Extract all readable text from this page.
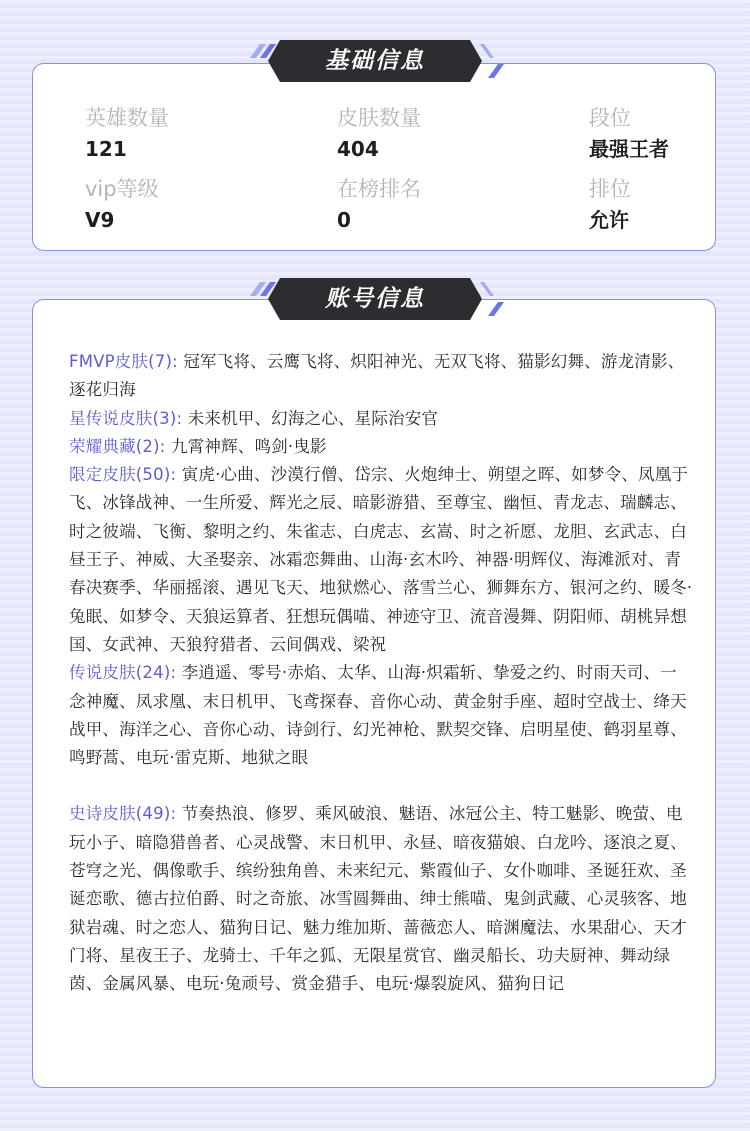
英雄数量
121
皮肤数量
404
段位
最强王者
vip等级
V9
在榜排名
0
排位
允许
基础信息
FMVP皮肤(7): 冠军飞将、云鹰飞将、炽阳神光、无双飞将、猫影幻舞、游龙清影、逐花归海
星传说皮肤(3): 未来机甲、幻海之心、星际治安官
荣耀典藏(2): 九霄神辉、鸣剑·曳影
限定皮肤(50): 寅虎·心曲、沙漠行僧、岱宗、火炮绅士、朔望之晖、如梦令、凤凰于飞、冰锋战神、一生所爱、辉光之辰、暗影游猎、至尊宝、幽恒、青龙志、瑞麟志、时之彼端、飞衡、黎明之约、朱雀志、白虎志、玄嵩、时之祈愿、龙胆、玄武志、白昼王子、神威、大圣娶亲、冰霜恋舞曲、山海·玄木吟、神器·明辉仪、海滩派对、青春决赛季、华丽摇滚、遇见飞天、地狱燃心、落雪兰心、狮舞东方、银河之约、暖冬·兔眠、如梦令、天狼运算者、狂想玩偶喵、神迹守卫、流音漫舞、阴阳师、胡桃异想国、女武神、天狼狩猎者、云间偶戏、梁祝
传说皮肤(24): 李逍遥、零号·赤焰、太华、山海·炽霜斩、挚爱之约、时雨天司、一念神魔、凤求凰、末日机甲、飞鸢探春、音你心动、黄金射手座、超时空战士、绛天战甲、海洋之心、音你心动、诗剑行、幻光神枪、默契交锋、启明星使、鹤羽星尊、鸣野蒿、电玩·雷克斯、地狱之眼
史诗皮肤(49): 节奏热浪、修罗、乘风破浪、魅语、冰冠公主、特工魅影、晚萤、电玩小子、暗隐猎兽者、心灵战警、末日机甲、永昼、暗夜猫娘、白龙吟、逐浪之夏、苍穹之光、偶像歌手、缤纷独角兽、未来纪元、紫霞仙子、女仆咖啡、圣诞狂欢、圣诞恋歌、德古拉伯爵、时之奇旅、冰雪圆舞曲、绅士熊喵、鬼剑武藏、心灵骇客、地狱岩魂、时之恋人、猫狗日记、魅力维加斯、蔷薇恋人、暗渊魔法、水果甜心、天才门将、星夜王子、龙骑士、千年之狐、无限星赏官、幽灵船长、功夫厨神、舞动绿茵、金属风暴、电玩·兔顽号、赏金猎手、电玩·爆裂旋风、猫狗日记
账号信息
